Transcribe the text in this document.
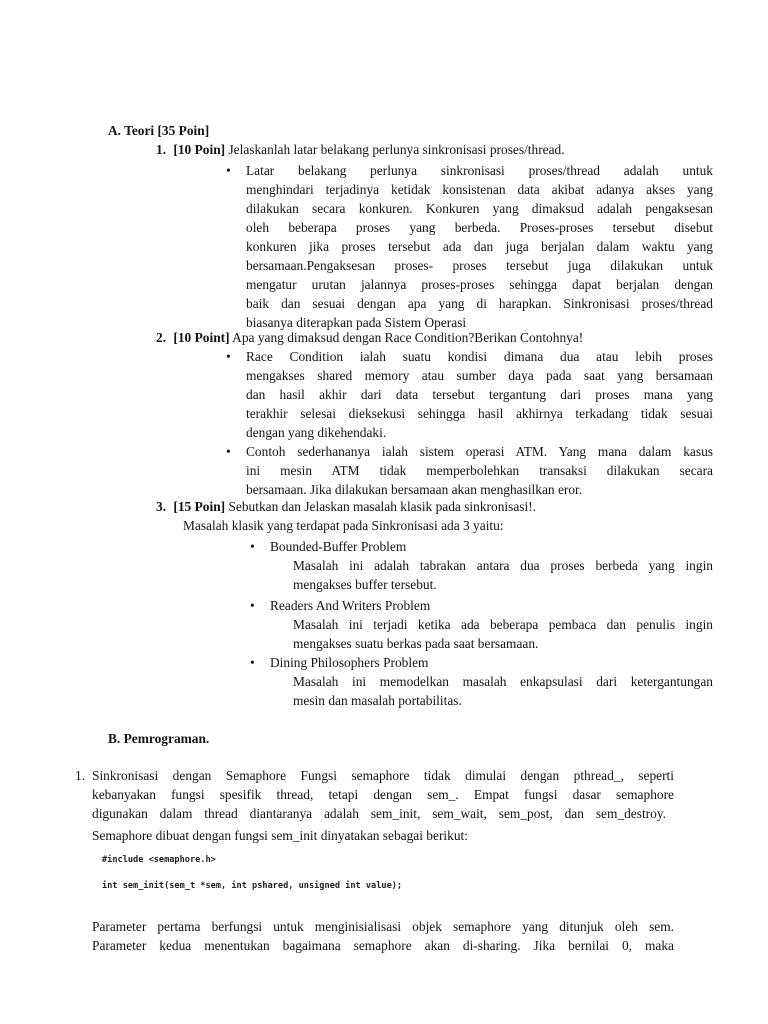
A. Teori [35 Poin]
1. [10 Poin] Jelaskanlah latar belakang perlunya sinkronisasi proses/thread.
• Latar belakang perlunya sinkronisasi proses/thread adalah untuk
menghindari terjadinya ketidak konsistenan data akibat adanya akses yang
dilakukan secara konkuren. Konkuren yang dimaksud adalah pengaksesan
oleh beberapa proses yang berbeda. Proses-proses tersebut disebut
konkuren jika proses tersebut ada dan juga berjalan dalam waktu yang
bersamaan.Pengaksesan proses- proses tersebut juga dilakukan untuk
mengatur urutan jalannya proses-proses sehingga dapat berjalan dengan
baik dan sesuai dengan apa yang di harapkan. Sinkronisasi proses/thread
biasanya diterapkan pada Sistem Operasi
2. [10 Point] Apa yang dimaksud dengan Race Condition?Berikan Contohnya!
• Race Condition ialah suatu kondisi dimana dua atau lebih proses
mengakses shared memory atau sumber daya pada saat yang bersamaan
dan hasil akhir dari data tersebut tergantung dari proses mana yang
terakhir selesai dieksekusi sehingga hasil akhirnya terkadang tidak sesuai
dengan yang dikehendaki.
• Contoh sederhananya ialah sistem operasi ATM. Yang mana dalam kasus
ini mesin ATM tidak memperbolehkan transaksi dilakukan secara
bersamaan. Jika dilakukan bersamaan akan menghasilkan eror.
3. [15 Poin] Sebutkan dan Jelaskan masalah klasik pada sinkronisasi!.
Masalah klasik yang terdapat pada Sinkronisasi ada 3 yaitu:
• Bounded-Buffer Problem
Masalah ini adalah tabrakan antara dua proses berbeda yang ingin
mengakses buffer tersebut.
• Readers And Writers Problem
Masalah ini terjadi ketika ada beberapa pembaca dan penulis ingin
mengakses suatu berkas pada saat bersamaan.
• Dining Philosophers Problem
Masalah ini memodelkan masalah enkapsulasi dari ketergantungan
mesin dan masalah portabilitas.
B. Pemrograman.
1. Sinkronisasi dengan Semaphore Fungsi semaphore tidak dimulai dengan pthread_, seperti
kebanyakan fungsi spesifik thread, tetapi dengan sem_. Empat fungsi dasar semaphore
digunakan dalam thread diantaranya adalah sem_init, sem_wait, sem_post, dan sem_destroy.
Semaphore dibuat dengan fungsi sem_init dinyatakan sebagai berikut:
#include <semaphore.h>
int sem_init(sem_t *sem, int pshared, unsigned int value);
Parameter pertama berfungsi untuk menginisialisasi objek semaphore yang ditunjuk oleh sem.
Parameter kedua menentukan bagaimana semaphore akan di-sharing. Jika bernilai 0, maka
